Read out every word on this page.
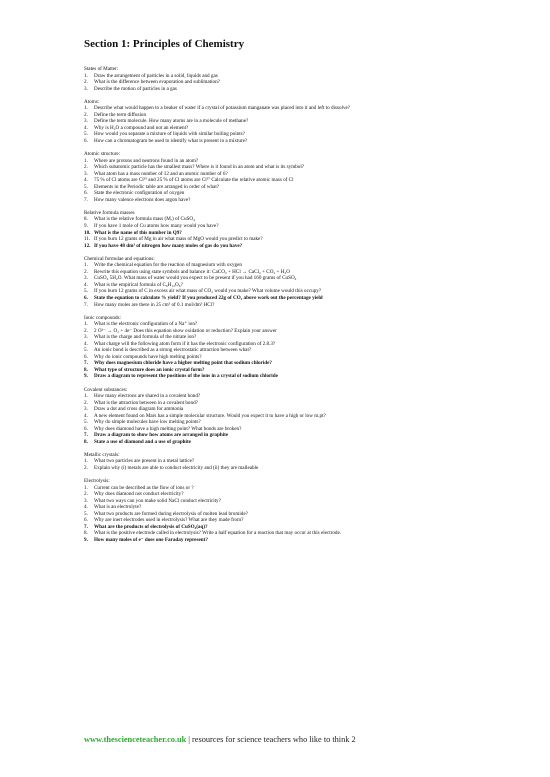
Section 1: Principles of Chemistry
States of Matter:
1.	Draw the arrangement of particles in a solid, liquids and gas
2.	What is the difference between evaporation and sublimation?
3.	Describe the motion of particles in a gas
Atoms:
1.	Describe what would happen to a beaker of water if a crystal of potassium manganate was placed into it and left to dissolve?
2.	Define the term diffusion
3.	Define the term molecule. How many atoms are in a molecule of methane?
4.	Why is H₂O a compound and not an element?
5.	How would you separate a mixture of liquids with similar boiling points?
6.	How can a chromatogram be used to identify what is present in a mixture?
Atomic structure:
1.	Where are protons and neutrons found in an atom?
2.	Which subatomic particle has the smallest mass? Where is it found in an atom and what is its symbol?
3.	What atom has a mass number of 12 and an atomic number of 6?
4.	75 % of Cl atoms are Cl³⁵ and 25 % of Cl atoms are Cl³⁷ Calculate the relative atomic mass of Cl
5.	Elements in the Periodic table are arranged in order of what?
6.	State the electronic configuration of oxygen
7.	How many valence electrons does argon have?
Relative formula masses
8.	What is the relative formula mass (Mᵣ) of CuSO₄
9.	If you have 1 mole of Cu atoms how many would you have?
10. What is the name of this number in Q9?
11. If you burn 12 grams of Mg in air what mass of MgO would you predict to make?
12. If you have 48 dm³ of nitrogen how many moles of gas do you have?
Chemical formulae and equations:
1.	Write the chemical equation for the reaction of magnesium with oxygen
2.	Rewrite this equation using state symbols and balance it: CaCO₃ + HCl → CaCl₂ + CO₂ + H₂O
3.	CuSO₄ 5H₂O. What mass of water would you expect to be present if you had 160 grams of CuSO₄
4.	What is the empirical formula of C₆H₁₂O₆?
5.	If you burn 12 grams of C in excess air what mass of CO₂ would you make? What volume would this occupy?
6.	State the equation to calculate % yield? If you produced 22g of CO₂ above work out the percentage yield
7.	How many moles are there in 25 cm³ of 0.1 mol/dm³ HCl?
Ionic compounds:
1.	What is the electronic configuration of a Na⁺ ion?
2.	2 O²⁻ → O₂ + 4e⁻ Does this equation show oxidation or reduction? Explain your answer
3.	What is the charge and formula of the nitrate ion?
4.	What charge will the following atom form if it has the electronic configuration of 2.8.3?
5.	An ionic bond is described as a strong electrostatic attraction between what?
6.	Why do ionic compounds have high melting points?
7.	Why does magnesium chloride have a higher melting point that sodium chloride?
8.	What type of structure does an ionic crystal form?
9.	Draw a diagram to represent the positions of the ions in a crystal of sodium chloride
Covalent substances:
1.	How many electrons are shared in a covalent bond?
2.	What is the attraction between in a covalent bond?
3.	Draw a dot and cross diagram for ammonia
4.	A new element found on Mars has a simple molecular structure. Would you expect it to have a high or low m.pt?
5.	Why do simple molecules have low melting points?
6.	Why does diamond have a high melting point? What bonds are broken?
7.	Draw a diagram to show how atoms are arranged in graphite
8.	State a use of diamond and a use of graphite
Metallic crystals:
1.	What two particles are present in a metal lattice?
2.	Explain why (i) metals are able to conduct electricity and (ii) they are malleable
Electrolysis:
1.	Current can be described as the flow of ions or ?
2.	Why does diamond not conduct electricity?
3.	What two ways can you make solid NaCl conduct electricity?
4.	What is an electrolyte?
5.	What two products are formed during electrolysis of molten lead bromide?
6.	Why are inert electrodes used in electrolysis? What are they made from?
7.	What are the products of electrolysis of CuSO₄(aq)?
8.	What is the positive electrode called in electrolysis? Write a half equation for a reaction that may occur at this electrode.
9.	How many moles of e⁻ does one Faraday represent?
www.thescienceteacher.co.uk | resources for science teachers who like to think 2
